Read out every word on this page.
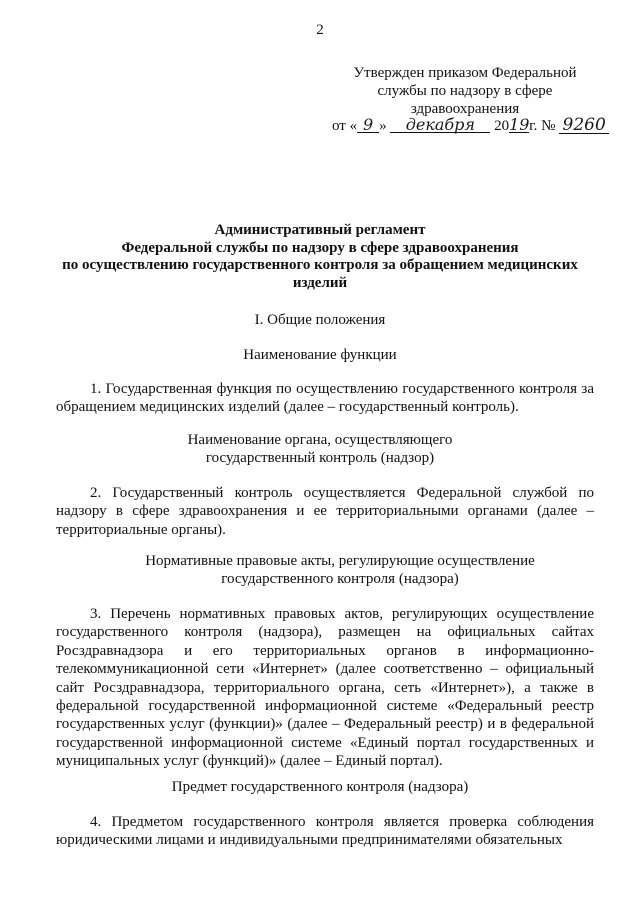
2
Утвержден приказом Федеральной
службы по надзору в сфере
здравоохранения
от « 9 » декабря 2019г. № 9260
Административный регламент
Федеральной службы по надзору в сфере здравоохранения
по осуществлению государственного контроля за обращением медицинских
изделий
I. Общие положения
Наименование функции

1. Государственная функция по осуществлению государственного контроля за обращением медицинских изделий (далее – государственный контроль).

Наименование органа, осуществляющего
государственный контроль (надзор)

2. Государственный контроль осуществляется Федеральной службой по надзору в сфере здравоохранения и ее территориальными органами (далее – территориальные органы).

Нормативные правовые акты, регулирующие осуществление
государственного контроля (надзора)

3. Перечень нормативных правовых актов, регулирующих осуществление государственного контроля (надзора), размещен на официальных сайтах Росздравнадзора и его территориальных органов в информационно-телекоммуникационной сети «Интернет» (далее соответственно – официальный сайт Росздравнадзора, территориального органа, сеть «Интернет»), а также в федеральной государственной информационной системе «Федеральный реестр государственных услуг (функции)» (далее – Федеральный реестр) и в федеральной государственной информационной системе «Единый портал государственных и муниципальных услуг (функций)» (далее – Единый портал).

Предмет государственного контроля (надзора)

4. Предметом государственного контроля является проверка соблюдения юридическими лицами и индивидуальными предпринимателями обязательных
